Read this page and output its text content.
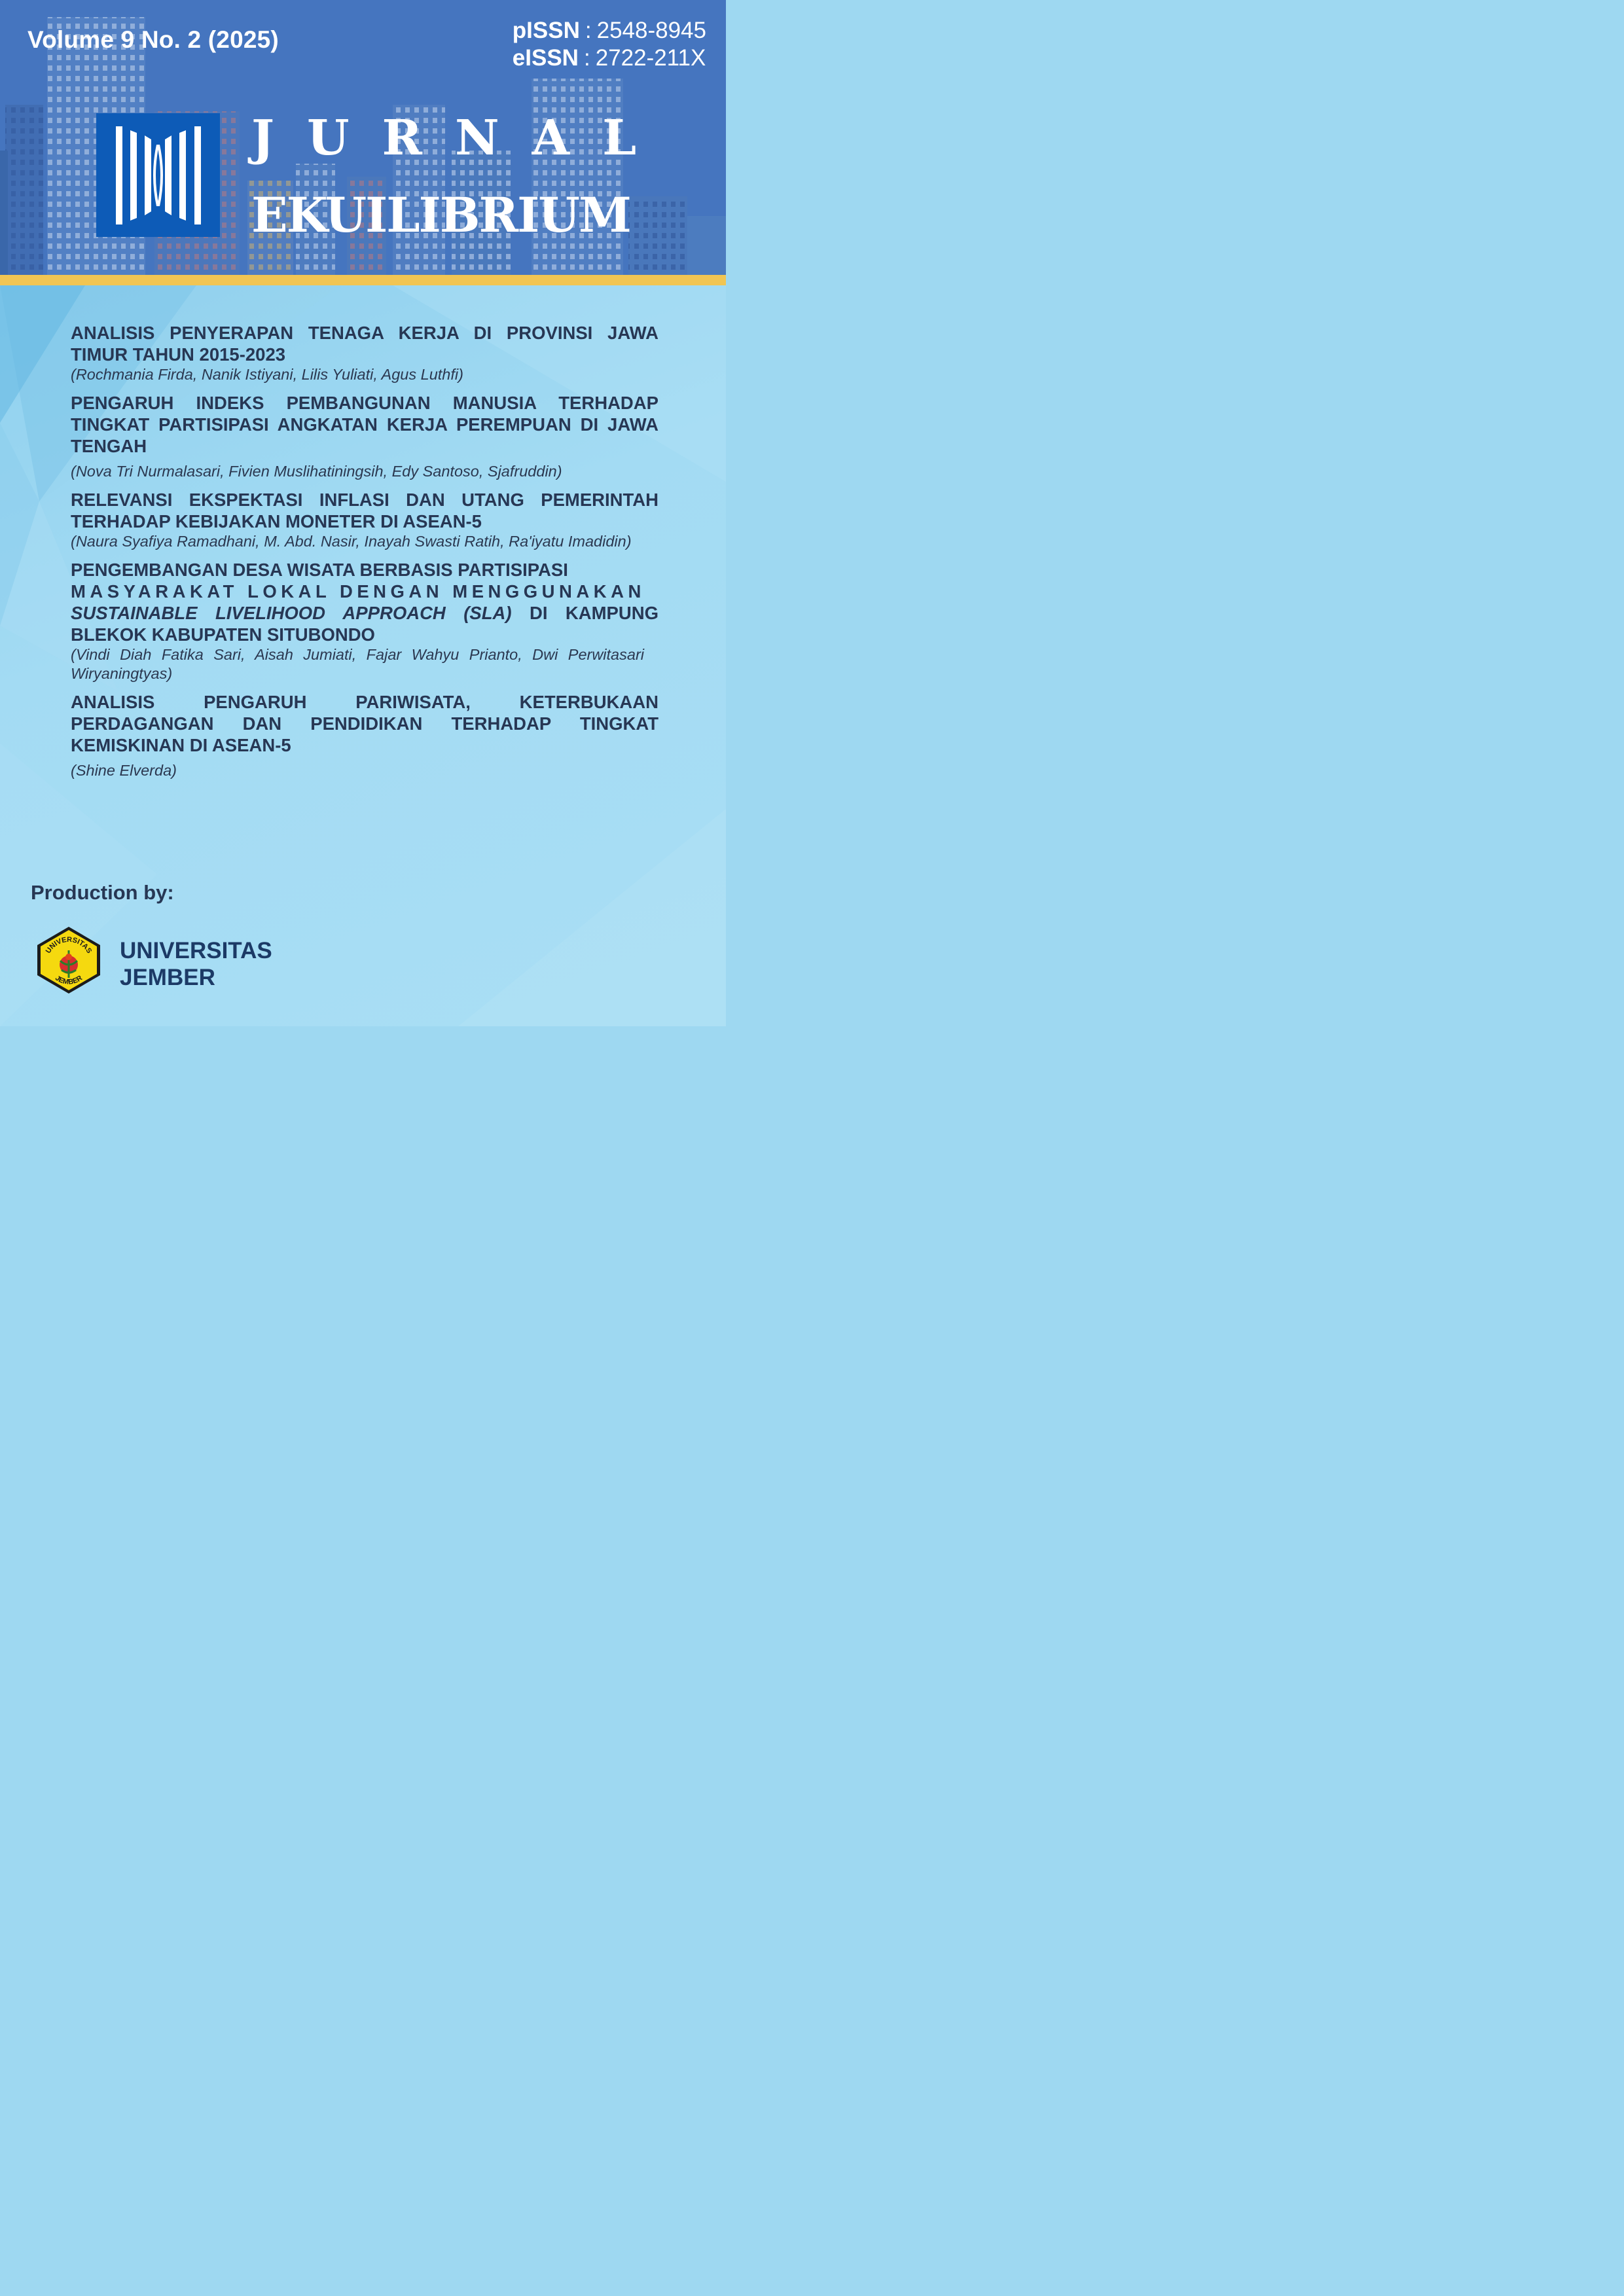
Volume 9 No. 2 (2025)	pISSN : 2548-8945
eISSN : 2722-211X
JURNAL
EKUILIBRIUM

ANALISIS PENYERAPAN TENAGA KERJA DI PROVINSI JAWA TIMUR TAHUN 2015-2023

(Rochmania Firda, Nanik Istiyani, Lilis Yuliati, Agus Luthfi)

PENGARUH INDEKS PEMBANGUNAN MANUSIA TERHADAP TINGKAT PARTISIPASI ANGKATAN KERJA PEREMPUAN DI JAWA TENGAH

(Nova Tri Nurmalasari, Fivien Muslihatiningsih, Edy Santoso, Sjafruddin)

RELEVANSI EKSPEKTASI INFLASI DAN UTANG PEMERINTAH TERHADAP KEBIJAKAN MONETER DI ASEAN-5

(Naura Syafiya Ramadhani, M. Abd. Nasir, Inayah Swasti Ratih, Ra'iyatu Imadidin)

PENGEMBANGAN DESA WISATA BERBASIS PARTISIPASI
MASYARAKAT LOKAL DENGAN MENGGUNAKAN
SUSTAINABLE LIVELIHOOD APPROACH (SLA) DI KAMPUNG BLEKOK KABUPATEN SITUBONDO

(Vindi Diah Fatika Sari, Aisah Jumiati, Fajar Wahyu Prianto, Dwi Perwitasari Wiryaningtyas)

ANALISIS PENGARUH PARIWISATA, KETERBUKAAN PERDAGANGAN DAN PENDIDIKAN TERHADAP TINGKAT KEMISKINAN DI ASEAN-5

(Shine Elverda)

Production by:
UNIVERSITAS
JEMBER
UNIVERSITAS
JEMBER
